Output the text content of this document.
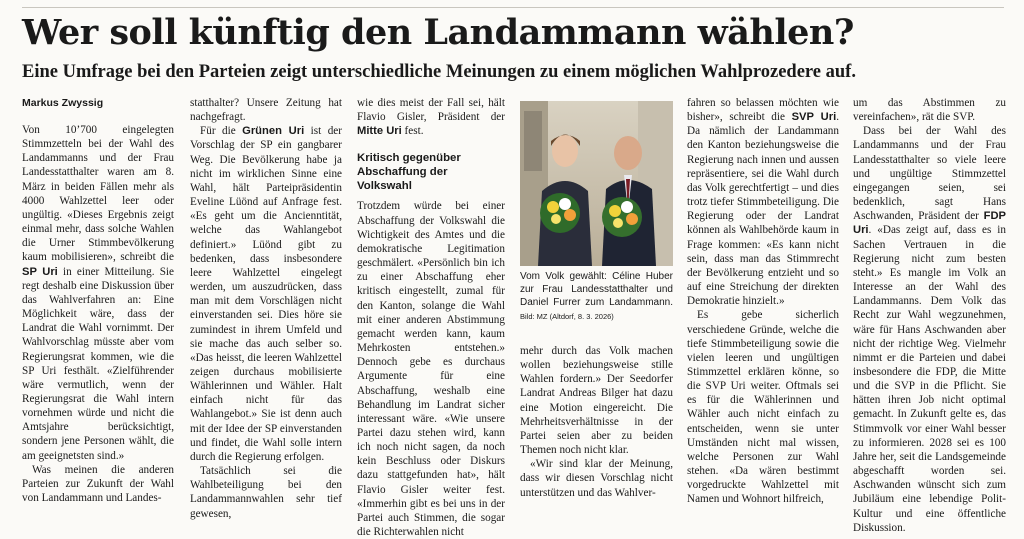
Wer soll künftig den Landammann wählen?
Eine Umfrage bei den Parteien zeigt unterschiedliche Meinungen zu einem möglichen Wahlprozedere auf.
Markus Zwyssig

Von 10’700 eingelegten Stimmzetteln bei der Wahl des Landammanns und der Frau Landesstatthalter waren am 8. März in beiden Fällen mehr als 4000 Wahlzettel leer oder ungültig. «Dieses Ergebnis zeigt einmal mehr, dass solche Wahlen die Urner Stimmbevölkerung kaum mobilisieren», schreibt die SP Uri in einer Mitteilung. Sie regt deshalb eine Diskussion über das Wahlverfahren an: Eine Möglichkeit wäre, dass der Landrat die Wahl vornimmt. Der Wahlvorschlag müsste aber vom Regierungsrat kommen, wie die SP Uri festhält. «Zielführender wäre vermutlich, wenn der Regierungsrat die Wahl intern vornehmen würde und nicht die Amtsjahre berücksichtigt, sondern jene Personen wählt, die am geeignetsten sind.»

Was meinen die anderen Parteien zur Zukunft der Wahl von Landammann und Landes-

statthalter? Unsere Zeitung hat nachgefragt.

Für die Grünen Uri ist der Vorschlag der SP ein gangbarer Weg. Die Bevölkerung habe ja nicht im wirklichen Sinne eine Wahl, hält Parteipräsidentin Eveline Lüönd auf Anfrage fest. «Es geht um die Ancienntität, welche das Wahlangebot definiert.» Lüönd gibt zu bedenken, dass insbesondere leere Wahlzettel eingelegt werden, um auszudrücken, dass man mit dem Vorschlägen nicht einverstanden sei. Dies höre sie zumindest in ihrem Umfeld und sie mache das auch selber so. «Das heisst, die leeren Wahlzettel zeigen durchaus mobilisierte Wählerinnen und Wähler. Halt einfach nicht für das Wahlangebot.» Sie ist denn auch mit der Idee der SP einverstanden und findet, die Wahl solle intern durch die Regierung erfolgen.

Tatsächlich sei die Wahlbeteiligung bei den Landammannwahlen sehr tief gewesen,

wie dies meist der Fall sei, hält Flavio Gisler, Präsident der Mitte Uri fest.

Kritisch gegenüber Abschaffung der Volkswahl

Trotzdem würde bei einer Abschaffung der Volkswahl die Wichtigkeit des Amtes und die demokratische Legitimation geschmälert. «Persönlich bin ich zu einer Abschaffung eher kritisch eingestellt, zumal für den Kanton, solange die Wahl mit einer anderen Abstimmung gemacht werden kann, kaum Mehrkosten entstehen.» Dennoch gebe es durchaus Argumente für eine Abschaffung, weshalb eine Behandlung im Landrat sicher interessant wäre. «Wie unsere Partei dazu stehen wird, kann ich noch nicht sagen, da noch kein Beschluss oder Diskurs dazu stattgefunden hat», hält Flavio Gisler weiter fest. «Immerhin gibt es bei uns in der Partei auch Stimmen, die sogar die Richterwahlen nicht

Vom Volk gewählt: Céline Huber zur Frau Landesstatthalter und Daniel Furrer zum Landammann. Bild: MZ (Altdorf, 8. 3. 2026)

mehr durch das Volk machen wollen beziehungsweise stille Wahlen fordern.» Der Seedorfer Landrat Andreas Bilger hat dazu eine Motion eingereicht. Die Mehrheitsverhältnisse in der Partei seien aber zu beiden Themen noch nicht klar.

«Wir sind klar der Meinung, dass wir diesen Vorschlag nicht unterstützen und das Wahlver-

fahren so belassen möchten wie bisher», schreibt die SVP Uri. Da nämlich der Landammann den Kanton beziehungsweise die Regierung nach innen und aussen repräsentiere, sei die Wahl durch das Volk gerechtfertigt – und dies trotz tiefer Stimmbeteiligung. Die Regierung oder der Landrat können als Wahlbehörde kaum in Frage kommen: «Es kann nicht sein, dass man das Stimmrecht der Bevölkerung entzieht und so auf eine Streichung der direkten Demokratie hinzielt.»

Es gebe sicherlich verschiedene Gründe, welche die tiefe Stimmbeteiligung sowie die vielen leeren und ungültigen Stimmzettel erklären könne, so die SVP Uri weiter. Oftmals sei es für die Wählerinnen und Wähler auch nicht einfach zu entscheiden, wenn sie unter Umständen nicht mal wissen, welche Personen zur Wahl stehen. «Da wären bestimmt vorgedruckte Wahlzettel mit Namen und Wohnort hilfreich,

um das Abstimmen zu vereinfachen», rät die SVP.

Dass bei der Wahl des Landammanns und der Frau Landesstatthalter so viele leere und ungültige Stimmzettel eingegangen seien, sei bedenklich, sagt Hans Aschwanden, Präsident der FDP Uri. «Das zeigt auf, dass es in Sachen Vertrauen in die Regierung nicht zum besten steht.» Es mangle im Volk an Interesse an der Wahl des Landammanns. Dem Volk das Recht zur Wahl wegzunehmen, wäre für Hans Aschwanden aber nicht der richtige Weg. Vielmehr nimmt er die Parteien und dabei insbesondere die FDP, die Mitte und die SVP in die Pflicht. Sie hätten ihren Job nicht optimal gemacht. In Zukunft gelte es, das Stimmvolk vor einer Wahl besser zu informieren. 2028 sei es 100 Jahre her, seit die Landsgemeinde abgeschafft worden sei. Aschwanden wünscht sich zum Jubiläum eine lebendige Polit-Kultur und eine öffentliche Diskussion.
